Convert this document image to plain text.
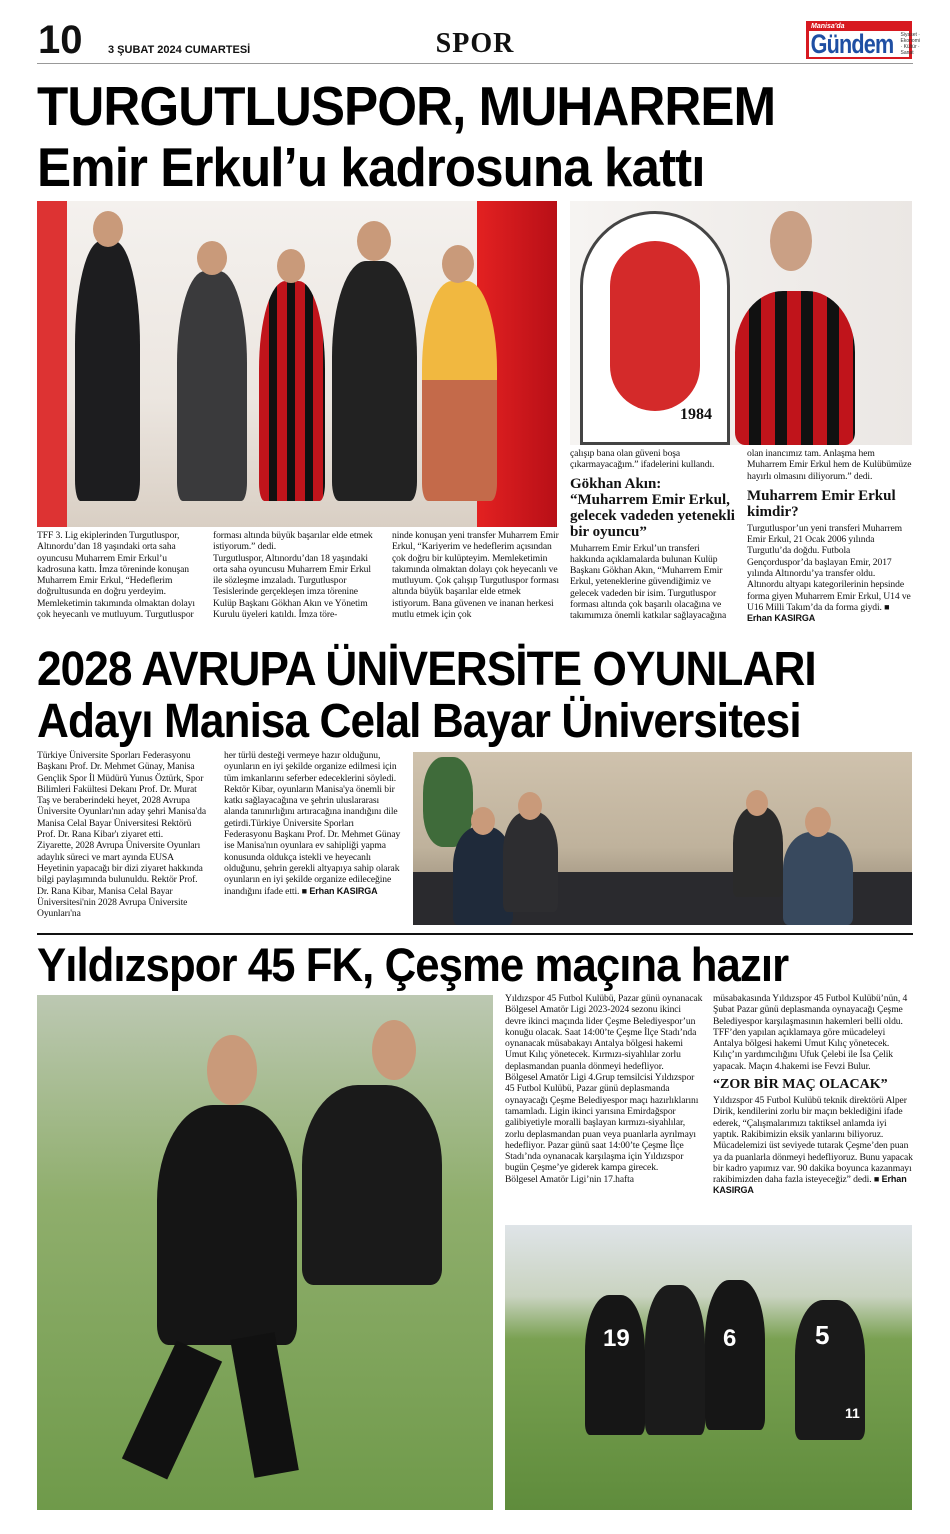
10 3 ŞUBAT 2024 CUMARTESİ	SPOR
Manisa'da
Gündem Siyaset · Ekonomi · Kültür · Sanat
TURGUTLUSPOR, MUHARREM
Emir Erkul’u kadrosuna kattı
1984
TFF 3. Lig ekiplerinden Turgutluspor, Altınordu’dan 18 yaşındaki orta saha oyuncusu Muharrem Emir Erkul’u kadrosuna kattı. İmza töreninde konuşan Muharrem Emir Erkul, “Hedeflerim doğrultusunda en doğru yerdeyim. Memleketimin takımında olmaktan dolayı çok heyecanlı ve mutluyum. Turgutluspor
forması altında büyük başarılar elde etmek istiyorum.” dedi.
Turgutluspor, Altınordu’dan 18 yaşındaki orta saha oyuncusu Muharrem Emir Erkul ile sözleşme imzaladı. Turgutluspor Tesislerinde gerçekleşen imza törenine Kulüp Başkanı Gökhan Akın ve Yönetim Kurulu üyeleri katıldı. İmza töre-
ninde konuşan yeni transfer Muharrem Emir Erkul, “Kariyerim ve hedeflerim açısından çok doğru bir kulüpteyim. Memleketimin takımında olmaktan dolayı çok heyecanlı ve mutluyum. Çok çalışıp Turgutluspor forması altında büyük başarılar elde etmek istiyorum. Bana güvenen ve inanan herkesi mutlu etmek için çok
çalışıp bana olan güveni boşa çıkarmayacağım.” ifadelerini kullandı.
Gökhan Akın: “Muharrem Emir Erkul, gelecek vadeden yetenekli bir oyuncu”
Muharrem Emir Erkul’un transferi hakkında açıklamalarda bulunan Kulüp Başkanı Gökhan Akın, “Muharrem Emir Erkul, yeteneklerine güvendiğimiz ve gelecek vadeden bir isim. Turgutluspor forması altında çok başarılı olacağına ve takımımıza önemli katkılar sağlayacağına
olan inancımız tam. Anlaşma hem Muharrem Emir Erkul hem de Kulübümüze hayırlı olmasını diliyorum.” dedi.
Muharrem Emir Erkul kimdir?
Turgutluspor’un yeni transferi Muharrem Emir Erkul, 21 Ocak 2006 yılında Turgutlu’da doğdu. Futbola Gençorduspor’da başlayan Emir, 2017 yılında Altınordu’ya transfer oldu. Altınordu altyapı kategorilerinin hepsinde forma giyen Muharrem Emir Erkul, U14 ve U16 Milli Takım’da da forma giydi. ■ Erhan KASIRGA
2028 AVRUPA ÜNİVERSİTE OYUNLARI
Adayı Manisa Celal Bayar Üniversitesi
Türkiye Üniversite Sporları Federasyonu Başkanı Prof. Dr. Mehmet Günay, Manisa Gençlik Spor İl Müdürü Yunus Öztürk, Spor Bilimleri Fakültesi Dekanı Prof. Dr. Murat Taş ve beraberindeki heyet, 2028 Avrupa Üniversite Oyunları'nın aday şehri Manisa'da Manisa Celal Bayar Üniversitesi Rektörü Prof. Dr. Rana Kibar'ı ziyaret etti.
Ziyarette, 2028 Avrupa Üniversite Oyunları adaylık süreci ve mart ayında EUSA Heyetinin yapacağı bir dizi ziyaret hakkında bilgi paylaşımında bulunuldu. Rektör Prof. Dr. Rana Kibar, Manisa Celal Bayar Üniversitesi'nin 2028 Avrupa Üniversite Oyunları'na
her türlü desteği vermeye hazır olduğunu, oyunların en iyi şekilde organize edilmesi için tüm imkanlarını seferber edeceklerini söyledi. Rektör Kibar, oyunların Manisa'ya önemli bir katkı sağlayacağına ve şehrin uluslararası alanda tanınırlığını artıracağına inandığını dile getirdi.Türkiye Üniversite Sporları Federasyonu Başkanı Prof. Dr. Mehmet Günay ise Manisa'nın oyunlara ev sahipliği yapma konusunda oldukça istekli ve heyecanlı olduğunu, şehrin gerekli altyapıya sahip olarak oyunların en iyi şekilde organize edileceğine inandığını ifade etti. ■ Erhan KASIRGA
Yıldızspor 45 FK, Çeşme maçına hazır
Yıldızspor 45 Futbol Kulübü, Pazar günü oynanacak Bölgesel Amatör Ligi 2023-2024 sezonu ikinci devre ikinci maçında lider Çeşme Belediyespor’un konuğu olacak. Saat 14:00’te Çeşme İlçe Stadı’nda oynanacak müsabakayı Antalya bölgesi hakemi Umut Kılıç yönetecek. Kırmızı-siyahlılar zorlu deplasmandan puanla dönmeyi hedefliyor.
Bölgesel Amatör Ligi 4.Grup temsilcisi Yıldızspor 45 Futbol Kulübü, Pazar günü deplasmanda oynayacağı Çeşme Belediyespor maçı hazırlıklarını tamamladı. Ligin ikinci yarısına Emirdağspor galibiyetiyle moralli başlayan kırmızı-siyahlılar, zorlu deplasmandan puan veya puanlarla ayrılmayı hedefliyor. Pazar günü saat 14:00’te Çeşme İlçe Stadı’nda oynanacak karşılaşma için Yıldızspor bugün Çeşme’ye giderek kampa girecek.
Bölgesel Amatör Ligi’nin 17.hafta
müsabakasında Yıldızspor 45 Futbol Kulübü’nün, 4 Şubat Pazar günü deplasmanda oynayacağı Çeşme Belediyespor karşılaşmasının hakemleri belli oldu. TFF’den yapılan açıklamaya göre mücadeleyi Antalya bölgesi hakemi Umut Kılıç yönetecek. Kılıç’ın yardımcılığını Ufuk Çelebi ile İsa Çelik yapacak. Maçın 4.hakemi ise Fevzi Bulur.
“ZOR BİR MAÇ OLACAK”
Yıldızspor 45 Futbol Kulübü teknik direktörü Alper Dirik, kendilerini zorlu bir maçın beklediğini ifade ederek, “Çalışmalarımızı taktiksel anlamda iyi yaptık. Rakibimizin eksik yanlarını biliyoruz. Mücadelemizi üst seviyede tutarak Çeşme’den puan ya da puanlarla dönmeyi hedefliyoruz. Bunu yapacak bir kadro yapımız var. 90 dakika boyunca kazanmayı rakibimizden daha fazla isteyeceğiz” dedi. ■ Erhan KASIRGA
19	6	5
11
